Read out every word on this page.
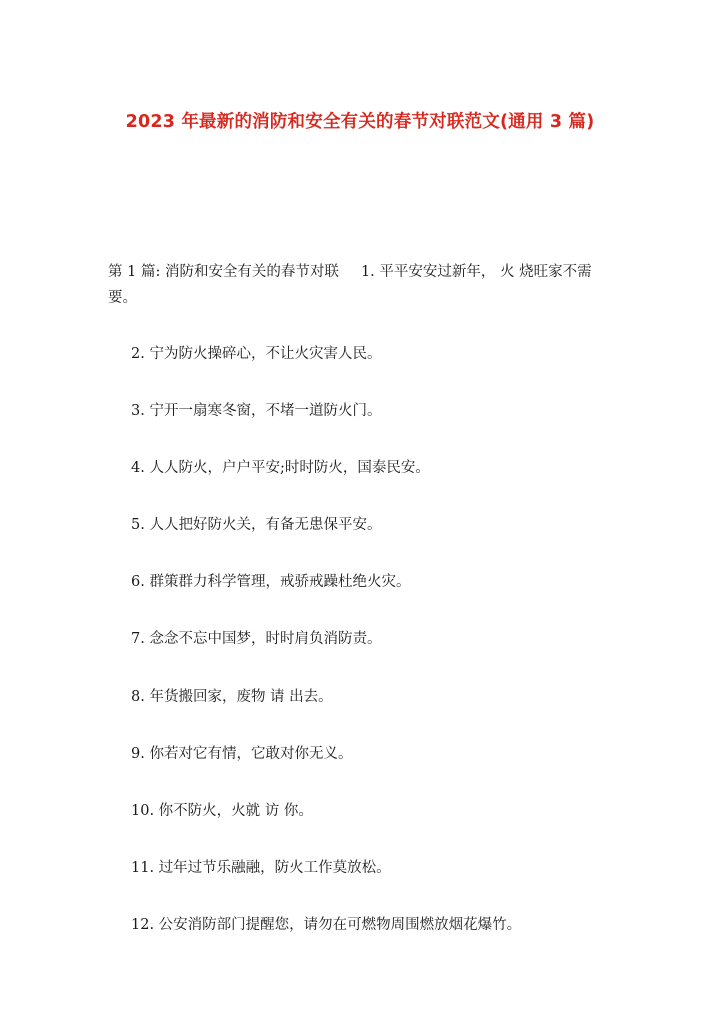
2023 年最新的消防和安全有关的春节对联范文(通用 3 篇)
第 1 篇: 消防和安全有关的春节对联 1. 平平安安过新年， 火 烧旺家不需要。
2. 宁为防火操碎心，不让火灾害人民。
3. 宁开一扇寒冬窗，不堵一道防火门。
4. 人人防火，户户平安;时时防火，国泰民安。
5. 人人把好防火关，有备无患保平安。
6. 群策群力科学管理，戒骄戒躁杜绝火灾。
7. 念念不忘中国梦，时时肩负消防责。
8. 年货搬回家，废物 请 出去。
9. 你若对它有情，它敢对你无义。
10. 你不防火，火就 访 你。
11. 过年过节乐融融，防火工作莫放松。
12. 公安消防部门提醒您，请勿在可燃物周围燃放烟花爆竹。
